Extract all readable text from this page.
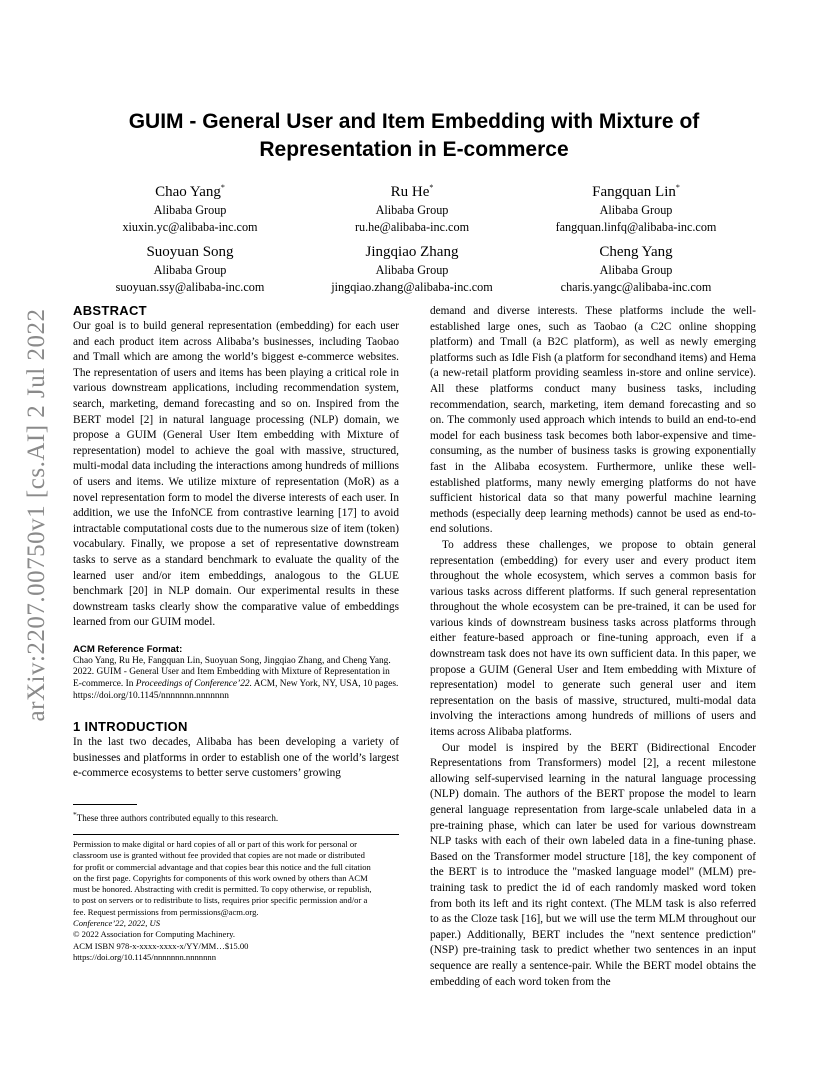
arXiv:2207.00750v1 [cs.AI] 2 Jul 2022
GUIM - General User and Item Embedding with Mixture of
Representation in E-commerce
Chao Yang*
Alibaba Group
xiuxin.yc@alibaba-inc.com
Ru He*
Alibaba Group
ru.he@alibaba-inc.com
Fangquan Lin*
Alibaba Group
fangquan.linfq@alibaba-inc.com
Suoyuan Song
Alibaba Group
suoyuan.ssy@alibaba-inc.com
Jingqiao Zhang
Alibaba Group
jingqiao.zhang@alibaba-inc.com
Cheng Yang
Alibaba Group
charis.yangc@alibaba-inc.com
ABSTRACT

Our goal is to build general representation (embedding) for each user and each product item across Alibaba’s businesses, including Taobao and Tmall which are among the world’s biggest e-commerce websites. The representation of users and items has been playing a critical role in various downstream applications, including recommendation system, search, marketing, demand forecasting and so on. Inspired from the BERT model [2] in natural language processing (NLP) domain, we propose a GUIM (General User Item embedding with Mixture of representation) model to achieve the goal with massive, structured, multi-modal data including the interactions among hundreds of millions of users and items. We utilize mixture of representation (MoR) as a novel representation form to model the diverse interests of each user. In addition, we use the InfoNCE from contrastive learning [17] to avoid intractable computational costs due to the numerous size of item (token) vocabulary. Finally, we propose a set of representative downstream tasks to serve as a standard benchmark to evaluate the quality of the learned user and/or item embeddings, analogous to the GLUE benchmark [20] in NLP domain. Our experimental results in these downstream tasks clearly show the comparative value of embeddings learned from our GUIM model.

ACM Reference Format:

Chao Yang, Ru He, Fangquan Lin, Suoyuan Song, Jingqiao Zhang, and Cheng Yang. 2022. GUIM - General User and Item Embedding with Mixture of Representation in E-commerce. In Proceedings of Conference’22. ACM, New York, NY, USA, 10 pages. https://doi.org/10.1145/nnnnnnn.nnnnnnn

1 INTRODUCTION

In the last two decades, Alibaba has been developing a variety of businesses and platforms in order to establish one of the world’s largest e-commerce ecosystems to better serve customers’ growing

*These three authors contributed equally to this research.
Permission to make digital or hard copies of all or part of this work for personal or
classroom use is granted without fee provided that copies are not made or distributed
for profit or commercial advantage and that copies bear this notice and the full citation
on the first page. Copyrights for components of this work owned by others than ACM
must be honored. Abstracting with credit is permitted. To copy otherwise, or republish,
to post on servers or to redistribute to lists, requires prior specific permission and/or a
fee. Request permissions from permissions@acm.org.
Conference’22, 2022, US
© 2022 Association for Computing Machinery.
ACM ISBN 978-x-xxxx-xxxx-x/YY/MM…$15.00
https://doi.org/10.1145/nnnnnnn.nnnnnnn

demand and diverse interests. These platforms include the well-established large ones, such as Taobao (a C2C online shopping platform) and Tmall (a B2C platform), as well as newly emerging platforms such as Idle Fish (a platform for secondhand items) and Hema (a new-retail platform providing seamless in-store and online service). All these platforms conduct many business tasks, including recommendation, search, marketing, item demand forecasting and so on. The commonly used approach which intends to build an end-to-end model for each business task becomes both labor-expensive and time-consuming, as the number of business tasks is growing exponentially fast in the Alibaba ecosystem. Furthermore, unlike these well-established platforms, many newly emerging platforms do not have sufficient historical data so that many powerful machine learning methods (especially deep learning methods) cannot be used as end-to-end solutions.

To address these challenges, we propose to obtain general representation (embedding) for every user and every product item throughout the whole ecosystem, which serves a common basis for various tasks across different platforms. If such general representation throughout the whole ecosystem can be pre-trained, it can be used for various kinds of downstream business tasks across platforms through either feature-based approach or fine-tuning approach, even if a downstream task does not have its own sufficient data. In this paper, we propose a GUIM (General User and Item embedding with Mixture of representation) model to generate such general user and item representation on the basis of massive, structured, multi-modal data involving the interactions among hundreds of millions of users and items across Alibaba platforms.

Our model is inspired by the BERT (Bidirectional Encoder Representations from Transformers) model [2], a recent milestone allowing self-supervised learning in the natural language processing (NLP) domain. The authors of the BERT propose the model to learn general language representation from large-scale unlabeled data in a pre-training phase, which can later be used for various downstream NLP tasks with each of their own labeled data in a fine-tuning phase. Based on the Transformer model structure [18], the key component of the BERT is to introduce the "masked language model" (MLM) pre-training task to predict the id of each randomly masked word token from both its left and its right context. (The MLM task is also referred to as the Cloze task [16], but we will use the term MLM throughout our paper.) Additionally, BERT includes the "next sentence prediction" (NSP) pre-training task to predict whether two sentences in an input sequence are really a sentence-pair. While the BERT model obtains the embedding of each word token from the
